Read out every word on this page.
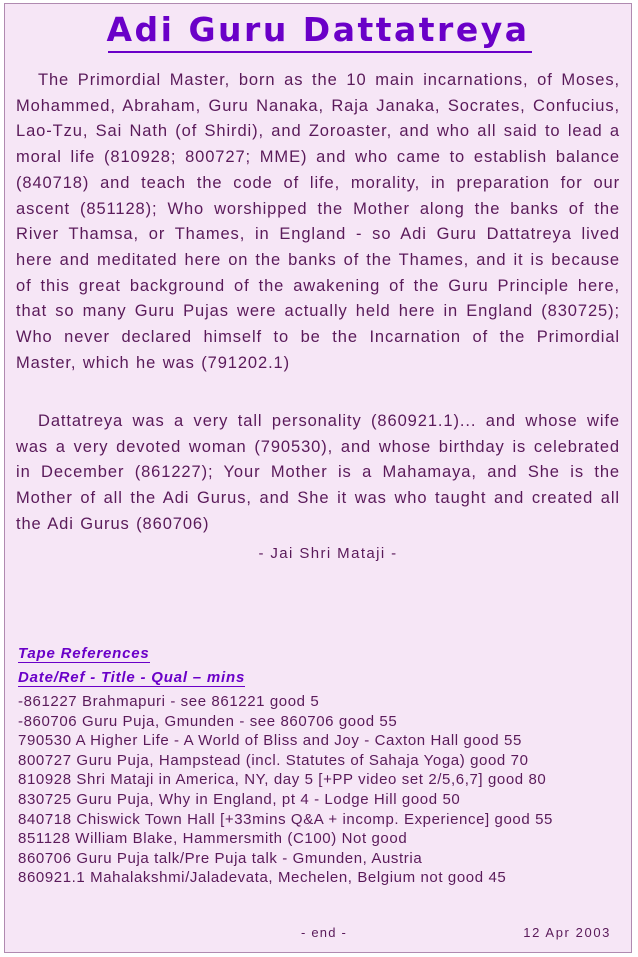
Adi Guru Dattatreya

The Primordial Master, born as the 10 main incarnations, of Moses, Mohammed, Abraham, Guru Nanaka, Raja Janaka, Socrates, Confucius, Lao-Tzu, Sai Nath (of Shirdi), and Zoroaster, and who all said to lead a moral life (810928; 800727; MME) and who came to establish balance (840718) and teach the code of life, morality, in preparation for our ascent (851128); Who worshipped the Mother along the banks of the River Thamsa, or Thames, in England - so Adi Guru Dattatreya lived here and meditated here on the banks of the Thames, and it is because of this great background of the awakening of the Guru Principle here, that so many Guru Pujas were actually held here in England (830725); Who never declared himself to be the Incarnation of the Primordial Master, which he was (791202.1)

Dattatreya was a very tall personality (860921.1)... and whose wife was a very devoted woman (790530), and whose birthday is celebrated in December (861227); Your Mother is a Mahamaya, and She is the Mother of all the Adi Gurus, and She it was who taught and created all the Adi Gurus (860706)

- Jai Shri Mataji -
Tape References
Date/Ref - Title - Qual – mins
-861227 Brahmapuri - see 861221 good 5
-860706 Guru Puja, Gmunden - see 860706 good 55
790530 A Higher Life - A World of Bliss and Joy - Caxton Hall good 55
800727 Guru Puja, Hampstead (incl. Statutes of Sahaja Yoga) good 70
810928 Shri Mataji in America, NY, day 5 [+PP video set 2/5,6,7] good 80
830725 Guru Puja, Why in England, pt 4 - Lodge Hill good 50
840718 Chiswick Town Hall [+33mins Q&A + incomp. Experience] good 55
851128 William Blake, Hammersmith (C100) Not good
860706 Guru Puja talk/Pre Puja talk - Gmunden, Austria
860921.1 Mahalakshmi/Jaladevata, Mechelen, Belgium not good 45
- end -	12 Apr 2003
